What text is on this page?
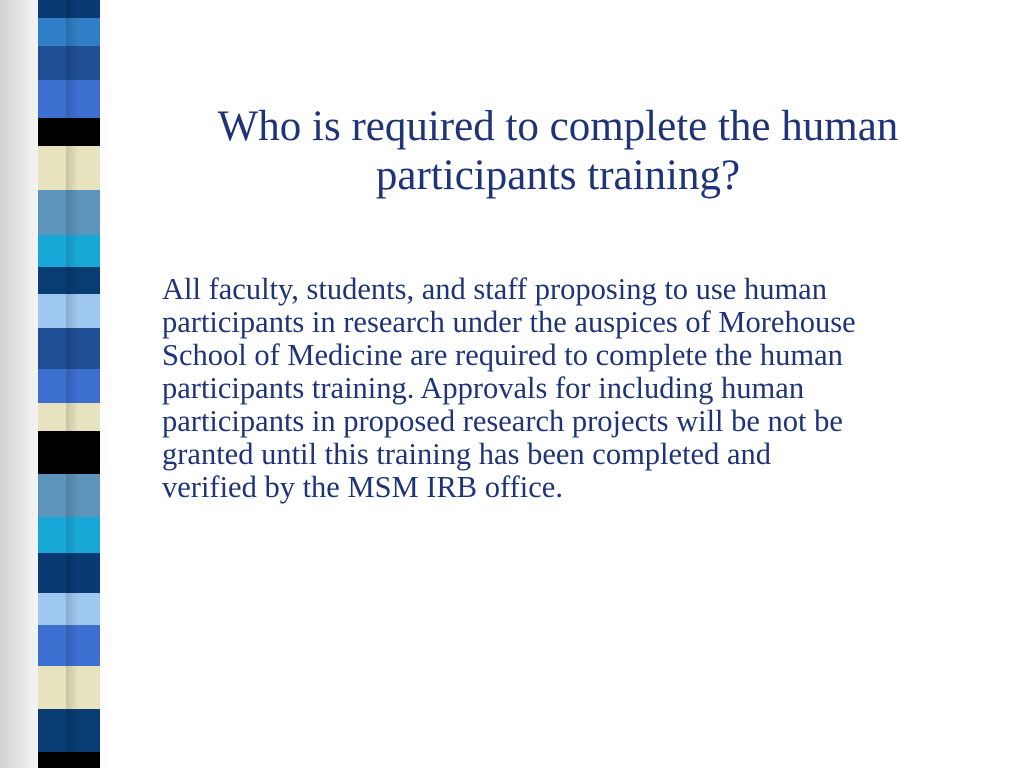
Who is required to complete the human participants training?

All faculty, students, and staff proposing to use human
participants in research under the auspices of Morehouse
School of Medicine are required to complete the human
participants training. Approvals for including human
participants in proposed research projects will be not be
granted until this training has been completed and
verified by the MSM IRB office.
